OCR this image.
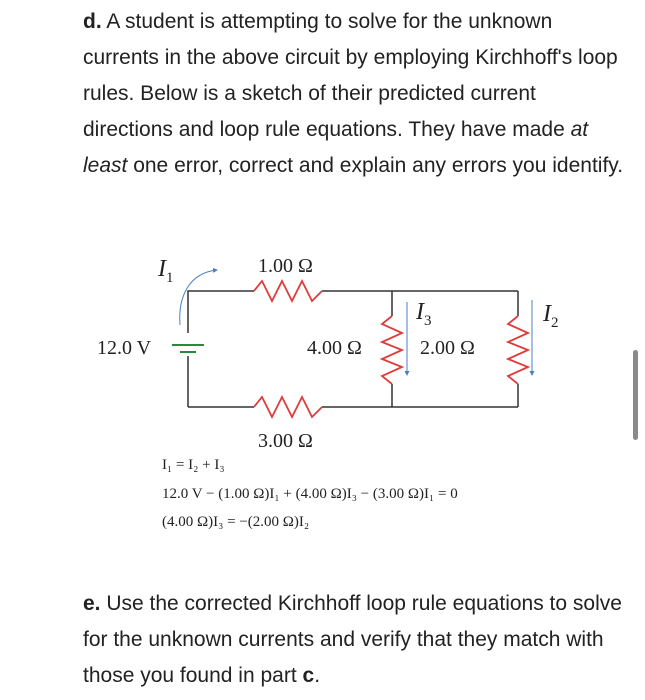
d. A student is attempting to solve for the unknown currents in the above circuit by employing Kirchhoff's loop rules. Below is a sketch of their predicted current directions and loop rule equations. They have made at least one error, correct and explain any errors you identify.

1.00 Ω
3.00 Ω
4.00 Ω	2.00 Ω
12.0 V
$I_1$
$I_3$	$I_2$
I₁ = I₂ + I₃
12.0 V − (1.00 Ω)I₁ + (4.00 Ω)I₃ − (3.00 Ω)I₁ = 0
(4.00 Ω)I₃ = −(2.00 Ω)I₂

e. Use the corrected Kirchhoff loop rule equations to solve for the unknown currents and verify that they match with those you found in part c.
